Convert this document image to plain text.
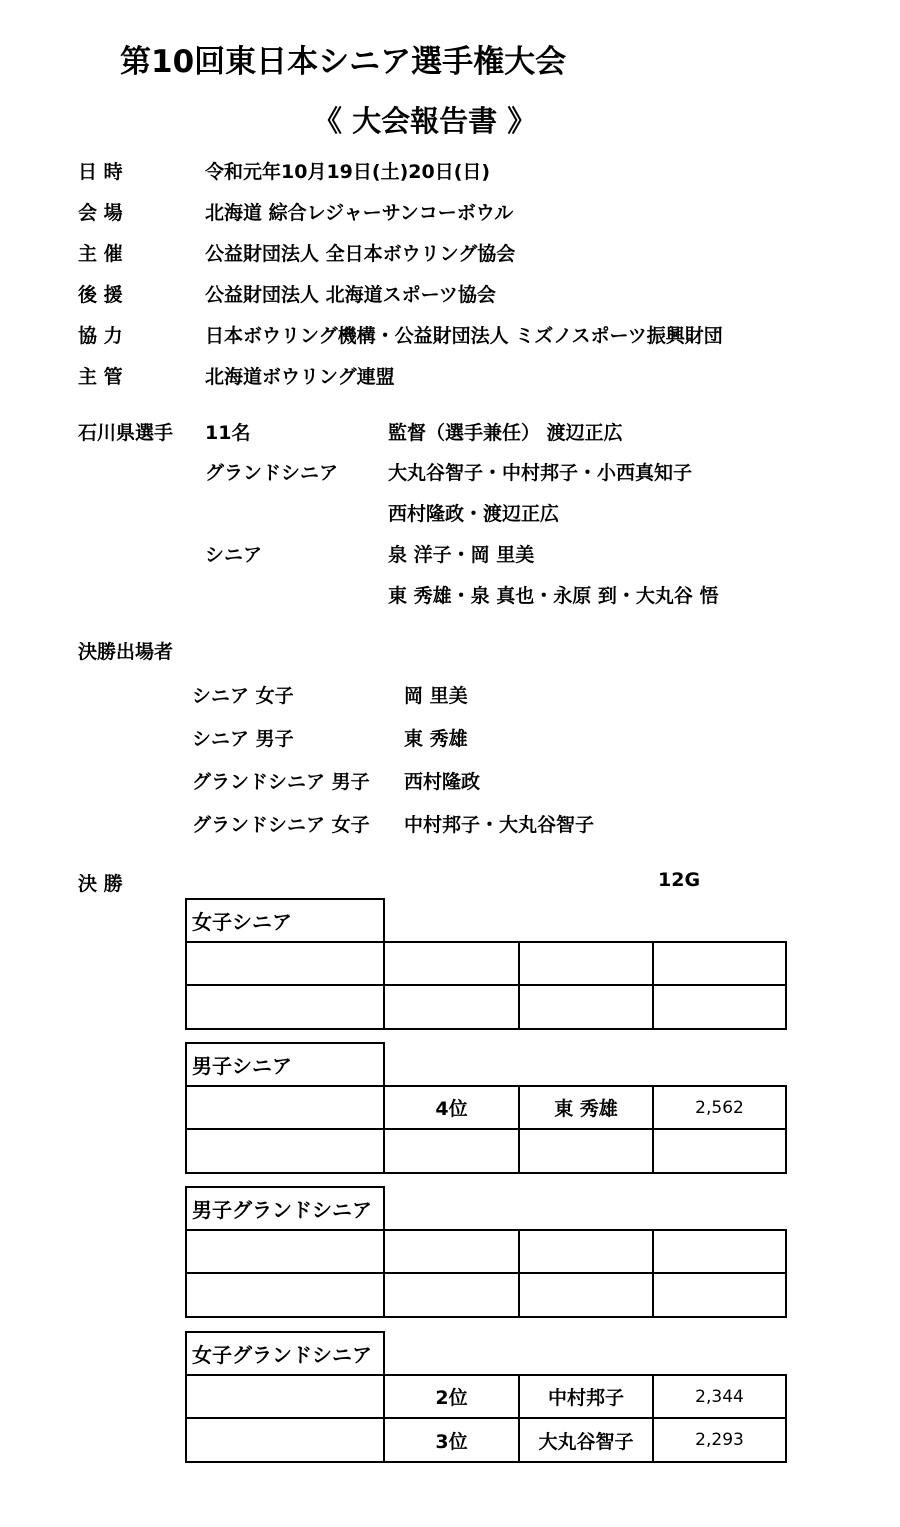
第10回東日本シニア選手権大会
《 大会報告書 》
日 時	令和元年10月19日(土)20日(日)
会 場	北海道 綜合レジャーサンコーボウル
主 催	公益財団法人 全日本ボウリング協会
後 援	公益財団法人 北海道スポーツ協会
協 力	日本ボウリング機構・公益財団法人 ミズノスポーツ振興財団
主 管	北海道ボウリング連盟
石川県選手 11名	監督（選手兼任） 渡辺正広
グランドシニア	大丸谷智子・中村邦子・小西真知子
西村隆政・渡辺正広
シニア	泉 洋子・岡 里美
東 秀雄・泉 真也・永原 到・大丸谷 悟
決勝出場者
シニア 女子	岡 里美
シニア 男子	東 秀雄
グランドシニア 男子 西村隆政
グランドシニア 女子 中村邦子・大丸谷智子
決 勝	12G
女子シニア
男子シニア
4位	東 秀雄	2,562
男子グランドシニア
女子グランドシニア
2位	中村邦子	2,344
3位	大丸谷智子	2,293
